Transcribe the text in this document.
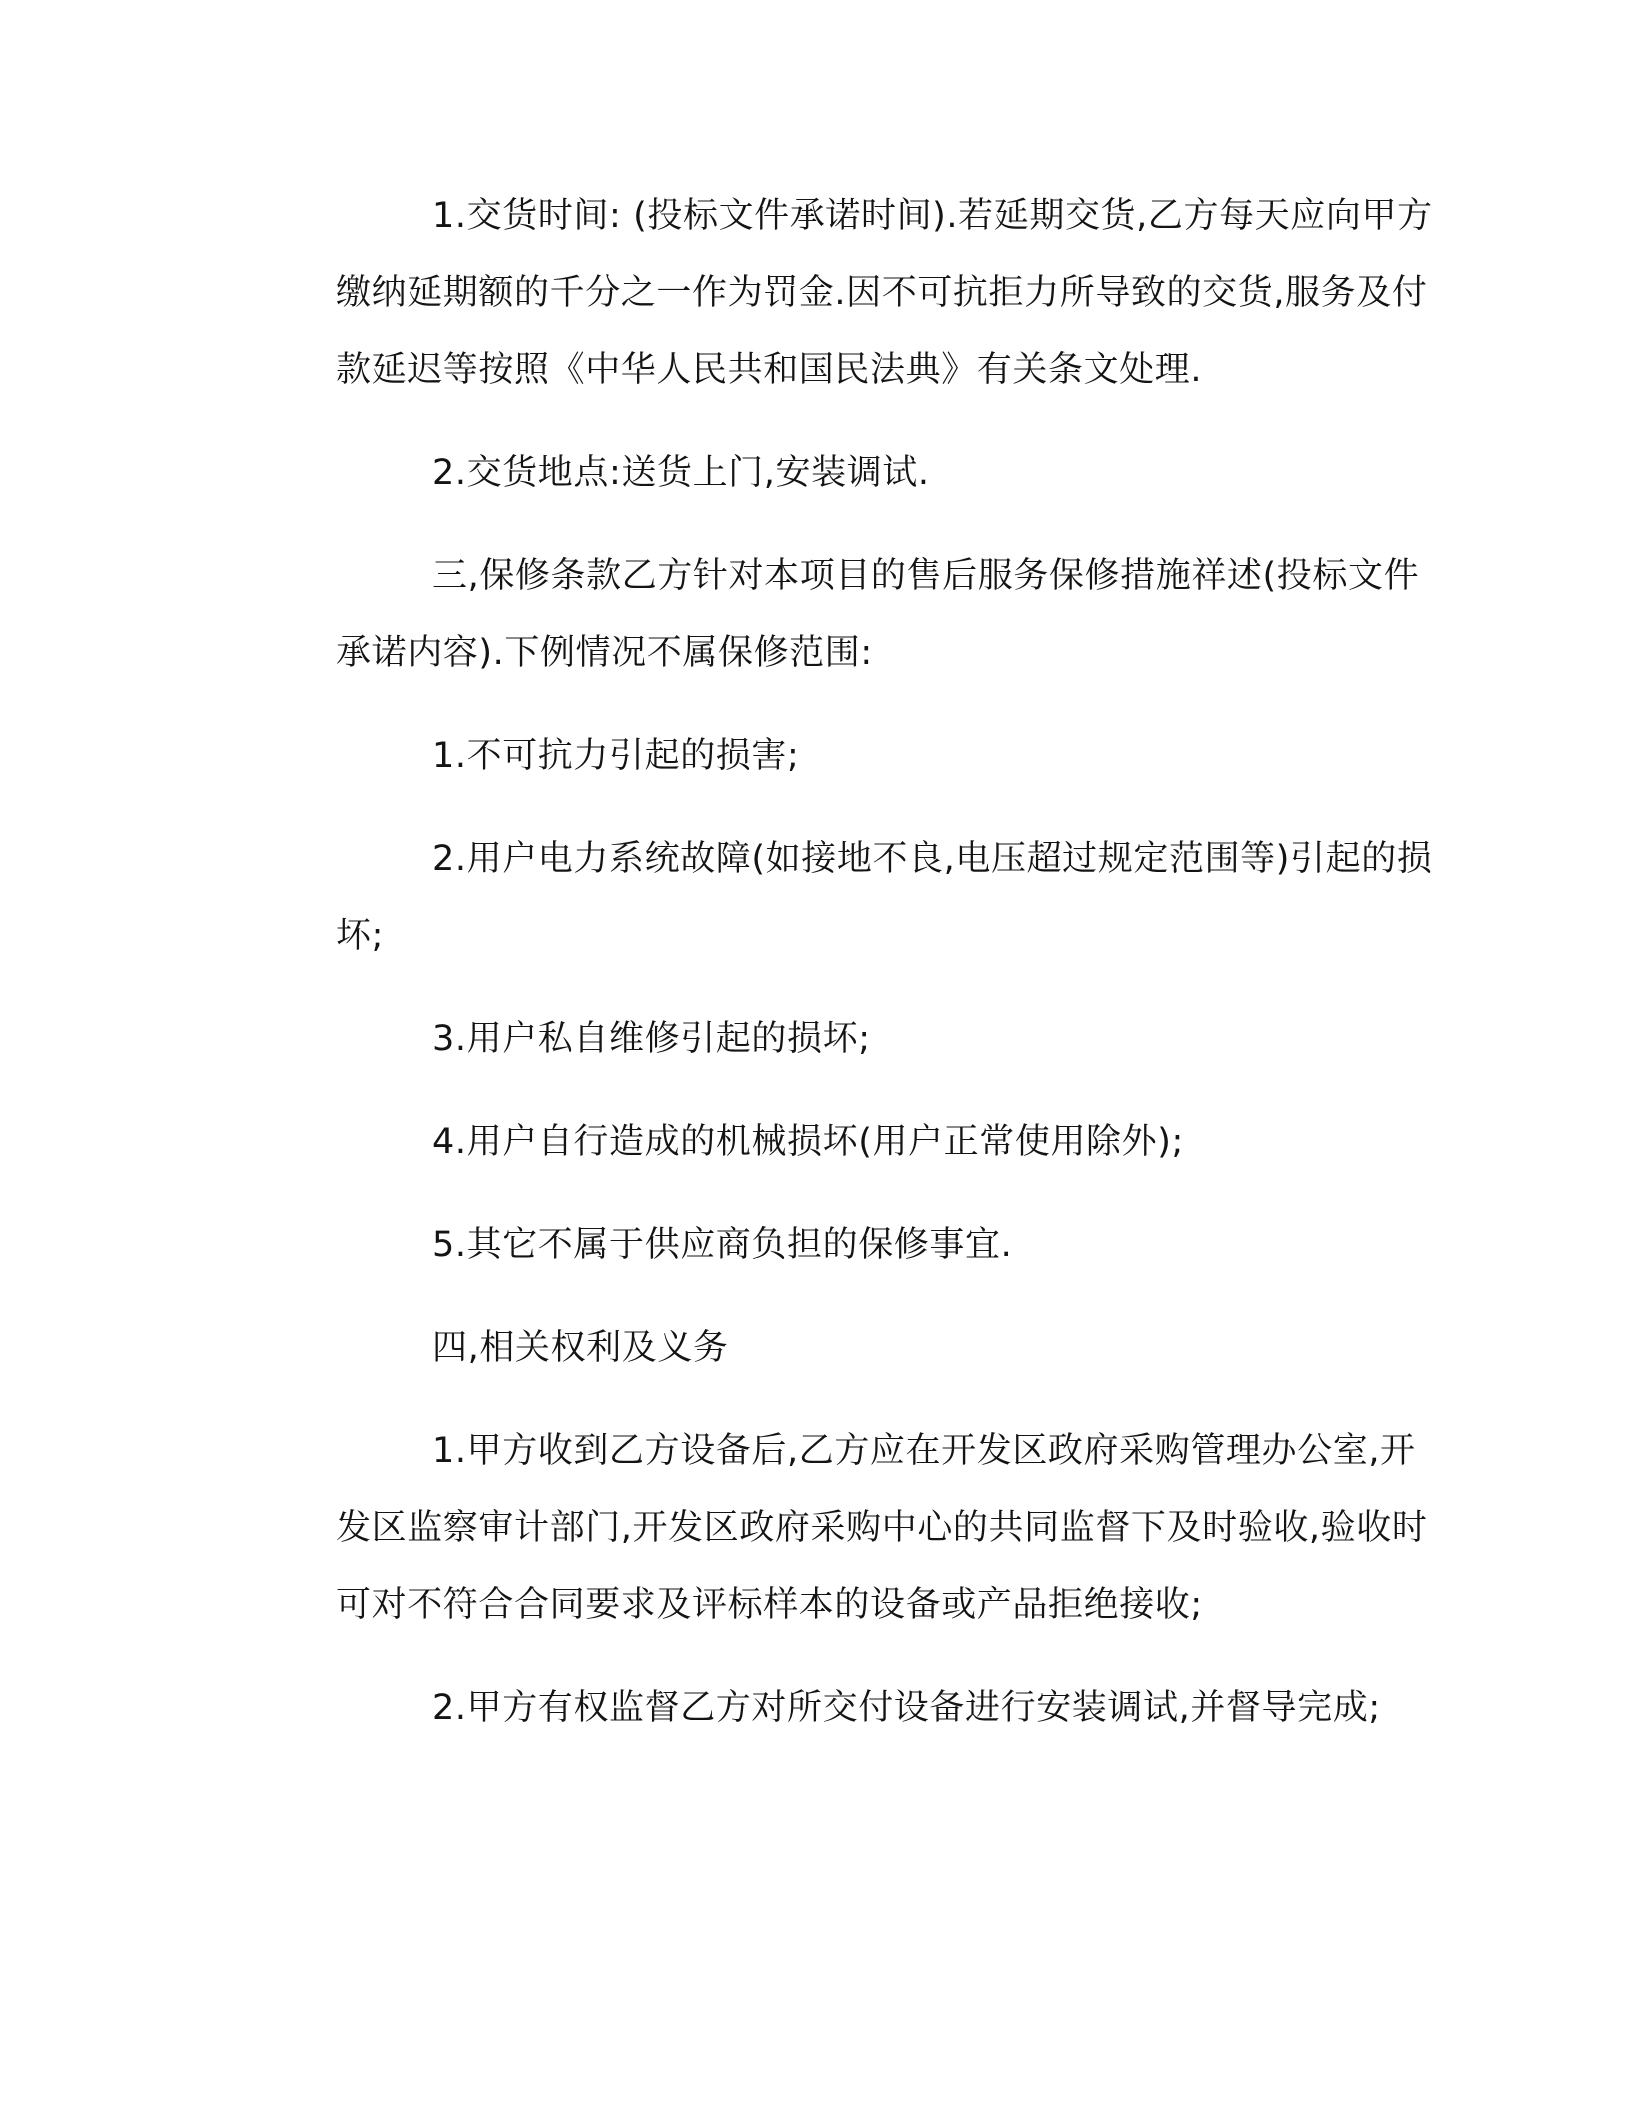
1.交货时间: (投标文件承诺时间).若延期交货,乙方每天应向甲方
缴纳延期额的千分之一作为罚金.因不可抗拒力所导致的交货,服务及付
款延迟等按照《中华人民共和国民法典》有关条文处理.
2.交货地点:送货上门,安装调试.
三,保修条款乙方针对本项目的售后服务保修措施祥述(投标文件
承诺内容).下例情况不属保修范围:
1.不可抗力引起的损害;
2.用户电力系统故障(如接地不良,电压超过规定范围等)引起的损
坏;
3.用户私自维修引起的损坏;
4.用户自行造成的机械损坏(用户正常使用除外);
5.其它不属于供应商负担的保修事宜.
四,相关权利及义务
1.甲方收到乙方设备后,乙方应在开发区政府采购管理办公室,开
发区监察审计部门,开发区政府采购中心的共同监督下及时验收,验收时
可对不符合合同要求及评标样本的设备或产品拒绝接收;
2.甲方有权监督乙方对所交付设备进行安装调试,并督导完成;
